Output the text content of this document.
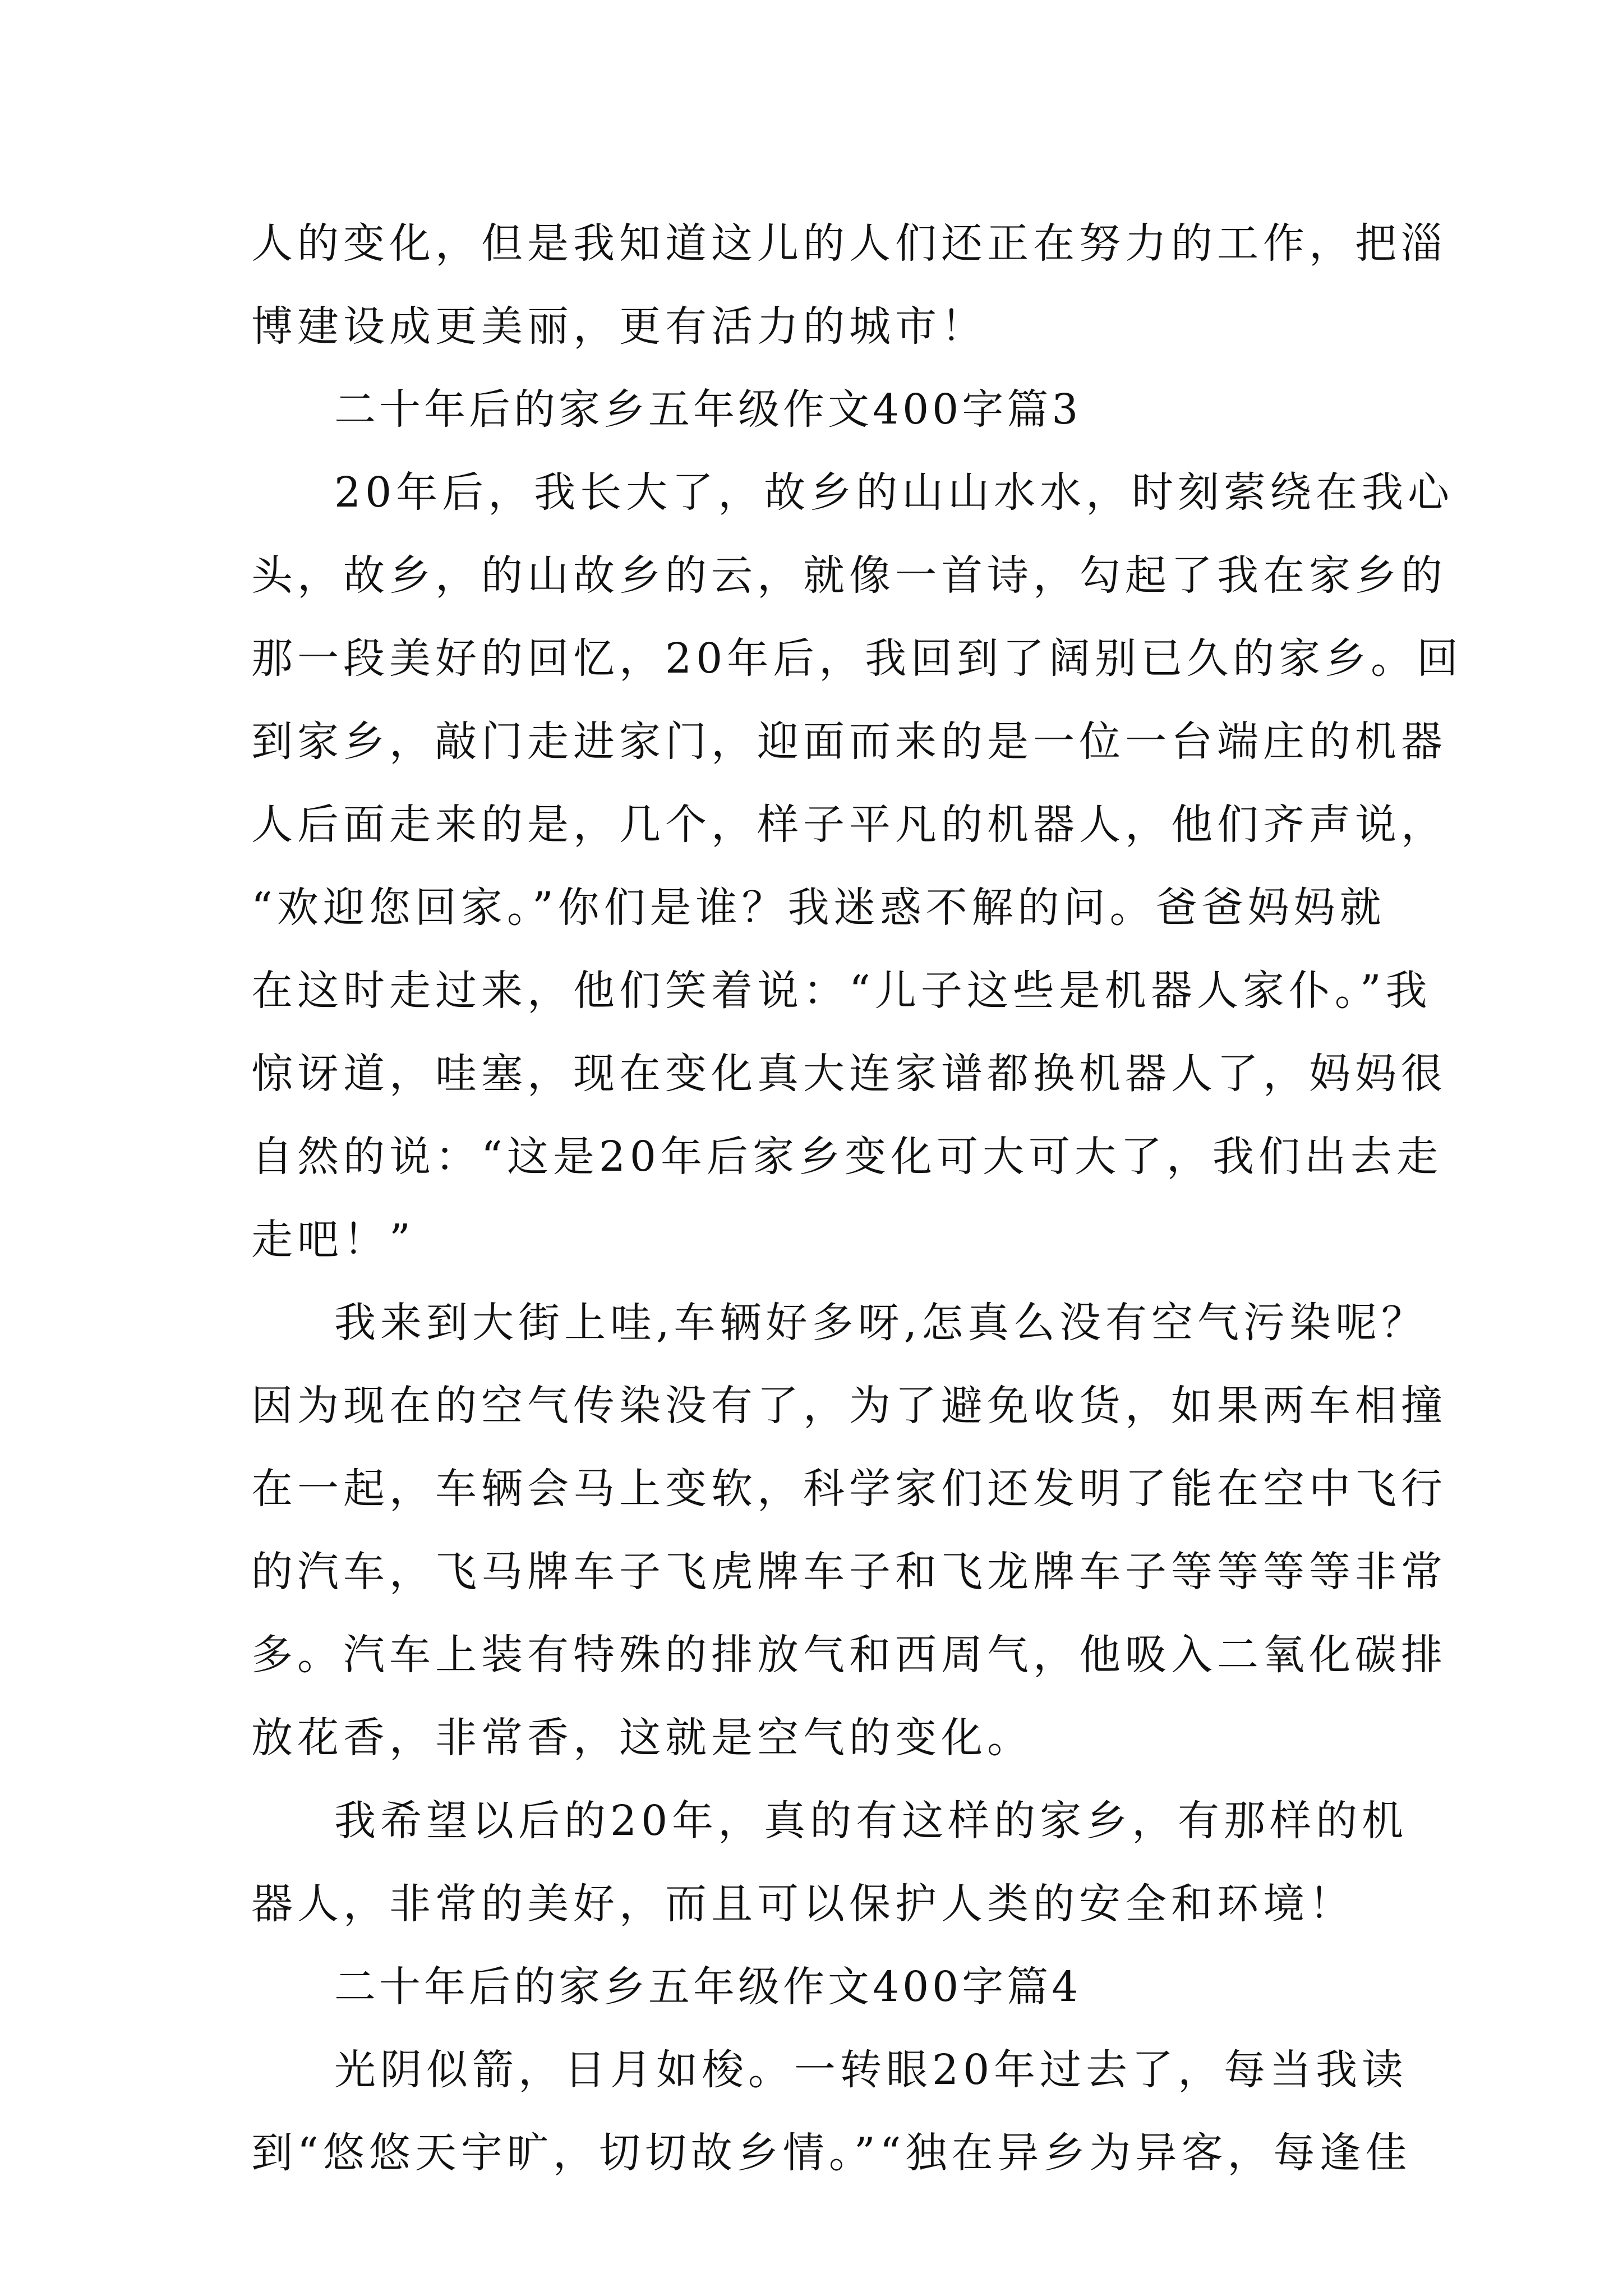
人的变化，但是我知道这儿的人们还正在努力的工作，把淄
博建设成更美丽，更有活力的城市！
二十年后的家乡五年级作文400字篇3
20年后，我长大了，故乡的山山水水，时刻萦绕在我心
头，故乡，的山故乡的云，就像一首诗，勾起了我在家乡的
那一段美好的回忆，20年后，我回到了阔别已久的家乡。回
到家乡，敲门走进家门，迎面而来的是一位一台端庄的机器
人后面走来的是，几个，样子平凡的机器人，他们齐声说，
“欢迎您回家。”你们是谁？我迷惑不解的问。爸爸妈妈就
在这时走过来，他们笑着说：“儿子这些是机器人家仆。”我
惊讶道，哇塞，现在变化真大连家谱都换机器人了，妈妈很
自然的说：“这是20年后家乡变化可大可大了，我们出去走
走吧！”
我来到大街上哇,车辆好多呀,怎真么没有空气污染呢？
因为现在的空气传染没有了，为了避免收货，如果两车相撞
在一起，车辆会马上变软，科学家们还发明了能在空中飞行
的汽车，飞马牌车子飞虎牌车子和飞龙牌车子等等等等非常
多。汽车上装有特殊的排放气和西周气，他吸入二氧化碳排
放花香，非常香，这就是空气的变化。
我希望以后的20年，真的有这样的家乡，有那样的机
器人，非常的美好，而且可以保护人类的安全和环境！
二十年后的家乡五年级作文400字篇4
光阴似箭，日月如梭。一转眼20年过去了，每当我读
到“悠悠天宇旷，切切故乡情。”“独在异乡为异客，每逢佳
